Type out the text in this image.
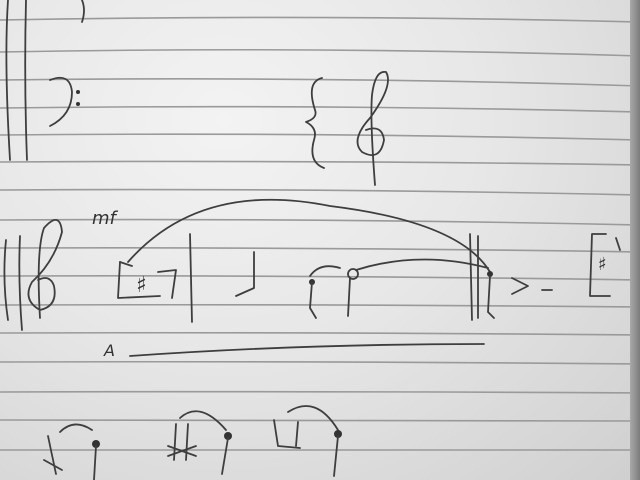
mf
♯
♯
A
